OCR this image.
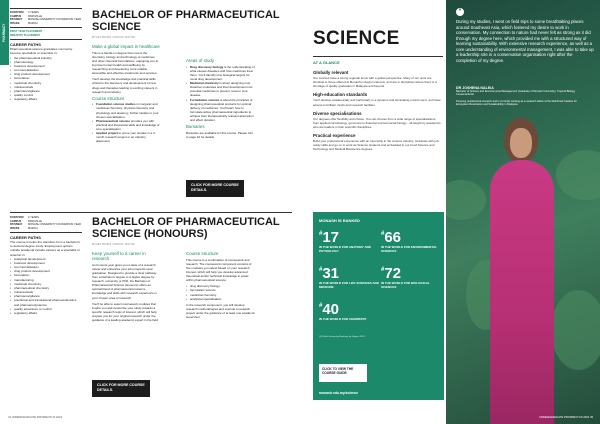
PHARMACY
DURATION 4 YEARS
CAMPUS	PARKVILLE
PATHWAY	MONASH UNIVERSITY FOUNDATION YEAR
INTAKE	MARCH
FIRST YEAR PLACEMENT
INDUSTRY PLACEMENT
CAREER PATHS
Pharmaceutical science graduates commonly become specialists or scientists in:
• the pharmaceutical industry
• pharmacology
• business development
• commercialisation
• drug product development
• formulation
• medicinal chemistry
• nutraceuticals
• pharmacovigilance
• quality control
• regulatory affairs.
BACHELOR OF PHARMACEUTICAL SCIENCE
MYCET: B07001 | CRICOS: 001771K
Make a global impact in healthcare
This is a hands-on degree that covers the chemistry, biology and technology of medicines and other chemical formulations, equipping you to improve human health and wellbeing by researching and developing more reliable, accessible and effective treatments and services.
You'll develop the knowledge and practical skills critical to the discovery and development of new drugs and therapies leading to exciting careers in research and industry.
Course structure
• Foundation science studies in inorganic and medicinal chemistry, physical chemistry and physiology and anatomy, further studies in your chosen specialisation.
• Pharmaceutical science provides you with practical and theoretical skills and knowledge of core specialisation.
• Applied project to prove your studies in a 3-month research project or an industry placement.
Areas of study
• Drug discovery biology is the understanding of what causes diseases and how medicines treat them. You'll identify new biological targets for novel drug development.
• Medicinal chemistry is about designing new bioactive molecules and their development into potential medicines to prevent, treat or cure disease.
• Formulation science is about the principles of designing pharmaceutical products for optimal delivery of medicines. You'll learn how to formulate active pharmaceutical ingredients to achieve their therapeutically relevant absorption and effect duration.
Bursaries
Bursaries are available for this course. Please turn to page 10 for details.
CLICK FOR MORE COURSE DETAILS.
DURATION 4 YEARS
CAMPUS	PARKVILLE
PATHWAY	MONASH UNIVERSITY FOUNDATION YEAR
INTAKE	MARCH
CAREER PATHS
The course is helps the transition from a bachelor's to doctoral degree study. Employment options outside academia include careers as a specialist or scientist in:
• analytical development
• business development
• commercialisation
• drug product development
• formulation
• manufacturing
• medicinal chemistry
• pharmaceutical chemistry
• nutraceuticals
• pharmacovigilance
• preclinical and translational pharmacokinetics and pharmacodynamics
• quality assurance or control
• regulatory affairs.
BACHELOR OF PHARMACEUTICAL SCIENCE (HONOURS)
MYCET: B07001 | CRICOS: 001771K
Keep yourself to a career in research
An honours year gives you a taste of a research career and enhances your job prospects upon graduation. Designed to provide a clear pathway from a bachelor's degree to a higher degree by research, university or PhD, the Bachelor of Pharmaceutical Science (Honours) offers an optimal blend of pharmaceutical science knowledge and skills with research experience in your chosen area of research.
You'll be able to select coursework modules that inspire you and customise your study towards a specific research topic of interest, which will help prepare you for your original research under the guidance of a leading academic expert in the field.
Course structure
This course is a combination of coursework and research. The coursework component consists of five modules you select based on your research interest, which will help you develop advanced theoretical and/or technical knowledge in areas within pharmaceutical science:
• drug discovery biology
• formulation science
• medicinal chemistry
• analytical specialisation.
In the research component, you will develop research methodologies and execute a research project under the guidance of at least one academic supervisor.
CLICK FOR MORE COURSE DETAILS.
44 UNDERGRADUATE PROSPECTUS 2024
SCIENCE
AT A GLANCE
Globally relevant
Our courses have a strong regional focus with a global perspective. Many of our units are identical to those offered at Monash's Clayton campus, and are in disciplines where there is a shortage of quality graduates in Malaysia and beyond.
High-education standards
You'll develop academically and particularly in a dynamic and stimulating environment, and have access to brilliant minds and research facilities.
Diverse specialisations
Our degrees offer flexibility and choice. You can choose from a wide range of specialisations, from applied microbiology, genomics to financial environmental biology - all taught by academics who are leaders in their scientific disciplines.
Practical experience
Build your professional experience with an internship in the science industry. Graduate with job-ready skills and go on to work as Science students and embedded in our Food Science and Technology and Medical Bioscience degrees.
MONASH IS RANKED
#17
IN THE WORLD FOR ANATOMY AND PHYSIOLOGY
#66
IN THE WORLD FOR ENVIRONMENTAL SCIENCES
#31
IN THE WORLD FOR LIFE SCIENCES AND MEDICINE
#72
IN THE WORLD FOR BIOLOGICAL SCIENCES
#40
IN THE WORLD FOR CHEMISTRY
QS World University Rankings by Subject 2023
CLICK TO VIEW THE COURSE GUIDE.
monash.edu.my/science
“
During my studies, I went on field trips to some breathtaking places around Southeast Asia, which fostered my desire to work in conservation. My connection to nature had never felt as strong as it did through my degree here, which provided me with a structured way of learning sustainability. With extensive research experience, as well as a core understanding of environmental management, I was able to take up a leadership role in a conservation organisation right after the completion of my degree.
DR JOSHENA NALEIA
Bachelor of Science and Environmental Management (Graduate of Monash University), Tropical Biology Conservationist
Pursuing postdoctoral research and is currently working as a research fellow at the Rainforest Institute for Ecosystem Restoration and Sustainability in Malaysia.
UNDERGRADUATE PROSPECTUS 2024 45
